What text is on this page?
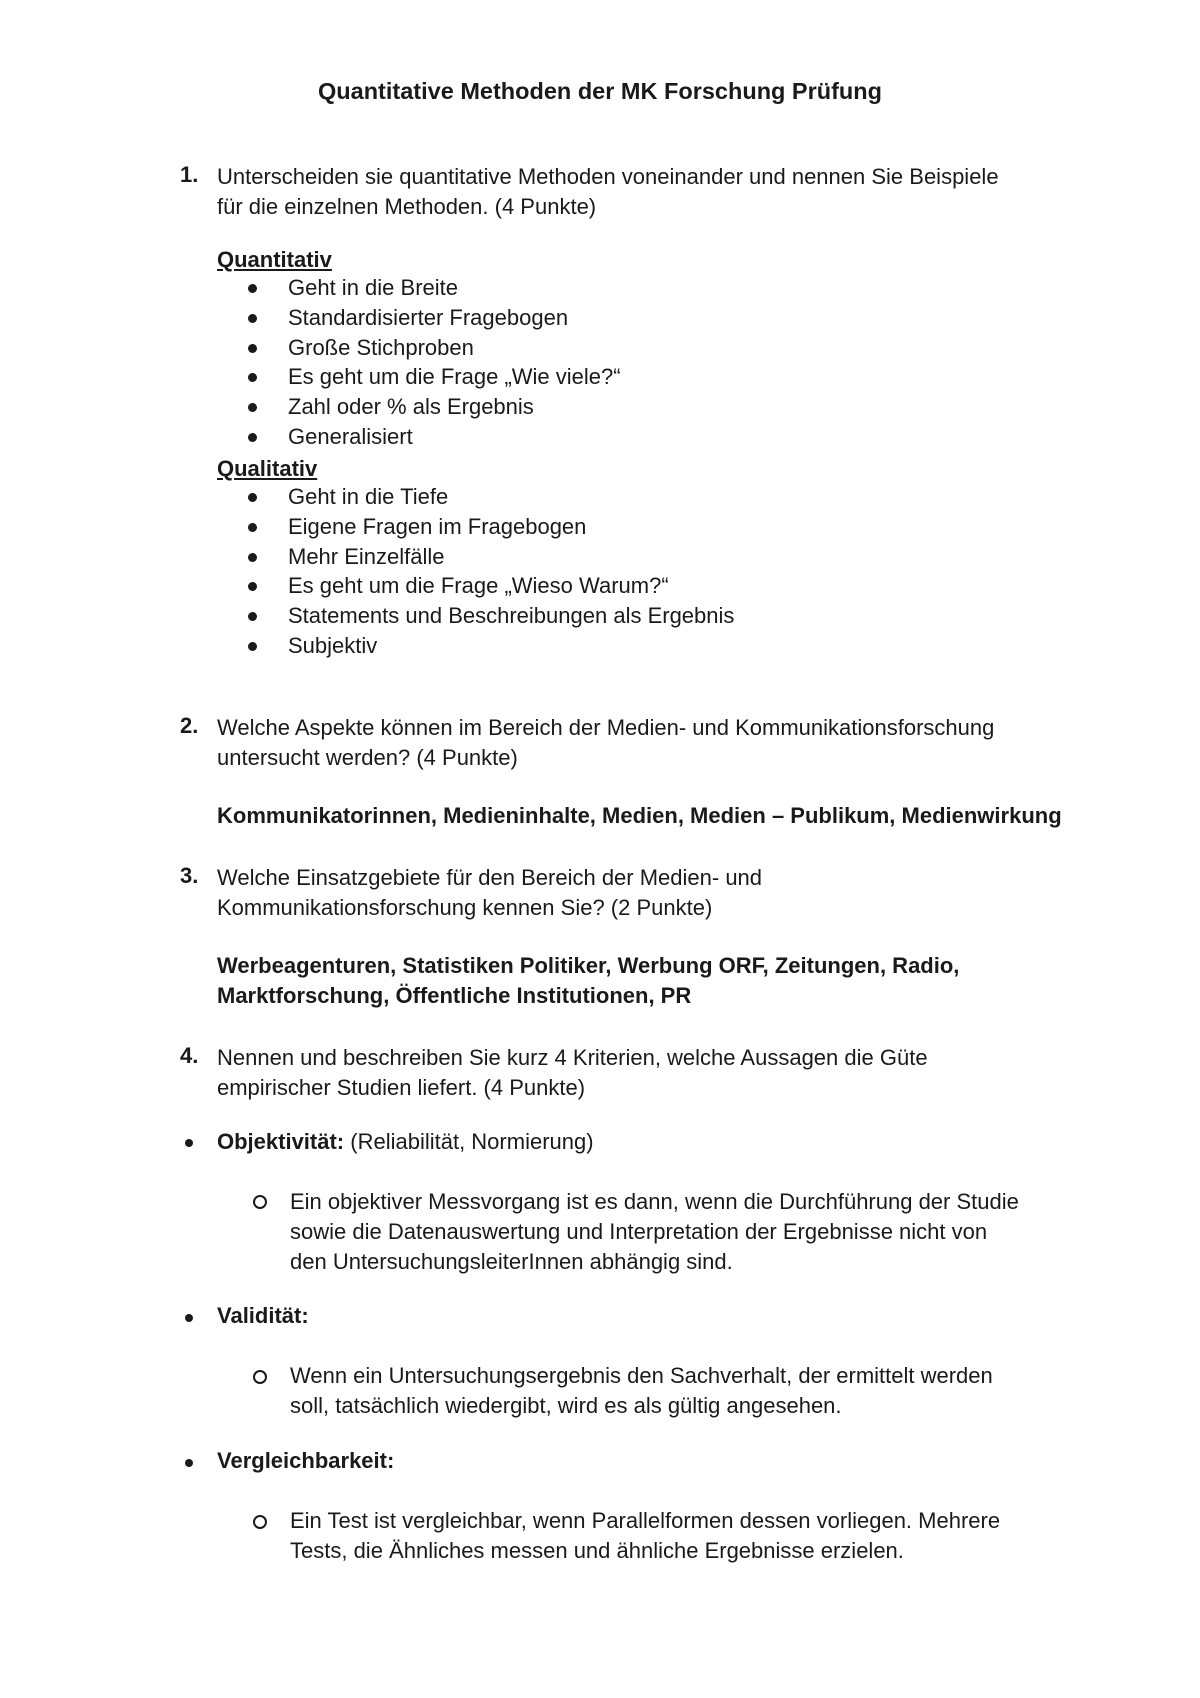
Quantitative Methoden der MK Forschung Prüfung
1. Unterscheiden sie quantitative Methoden voneinander und nennen Sie Beispiele
für die einzelnen Methoden. (4 Punkte)
Quantitativ
Geht in die Breite
Standardisierter Fragebogen
Große Stichproben
Es geht um die Frage „Wie viele?“
Zahl oder % als Ergebnis
Generalisiert
Qualitativ
Geht in die Tiefe
Eigene Fragen im Fragebogen
Mehr Einzelfälle
Es geht um die Frage „Wieso Warum?“
Statements und Beschreibungen als Ergebnis
Subjektiv
2. Welche Aspekte können im Bereich der Medien- und Kommunikationsforschung
untersucht werden? (4 Punkte)
Kommunikatorinnen, Medieninhalte, Medien, Medien – Publikum, Medienwirkung
3. Welche Einsatzgebiete für den Bereich der Medien- und
Kommunikationsforschung kennen Sie? (2 Punkte)
Werbeagenturen, Statistiken Politiker, Werbung ORF, Zeitungen, Radio,
Marktforschung, Öffentliche Institutionen, PR
4. Nennen und beschreiben Sie kurz 4 Kriterien, welche Aussagen die Güte
empirischer Studien liefert. (4 Punkte)
Objektivität: (Reliabilität, Normierung)
Ein objektiver Messvorgang ist es dann, wenn die Durchführung der Studie
sowie die Datenauswertung und Interpretation der Ergebnisse nicht von
den UntersuchungsleiterInnen abhängig sind.
Validität:
Wenn ein Untersuchungsergebnis den Sachverhalt, der ermittelt werden
soll, tatsächlich wiedergibt, wird es als gültig angesehen.
Vergleichbarkeit:
Ein Test ist vergleichbar, wenn Parallelformen dessen vorliegen. Mehrere
Tests, die Ähnliches messen und ähnliche Ergebnisse erzielen.
